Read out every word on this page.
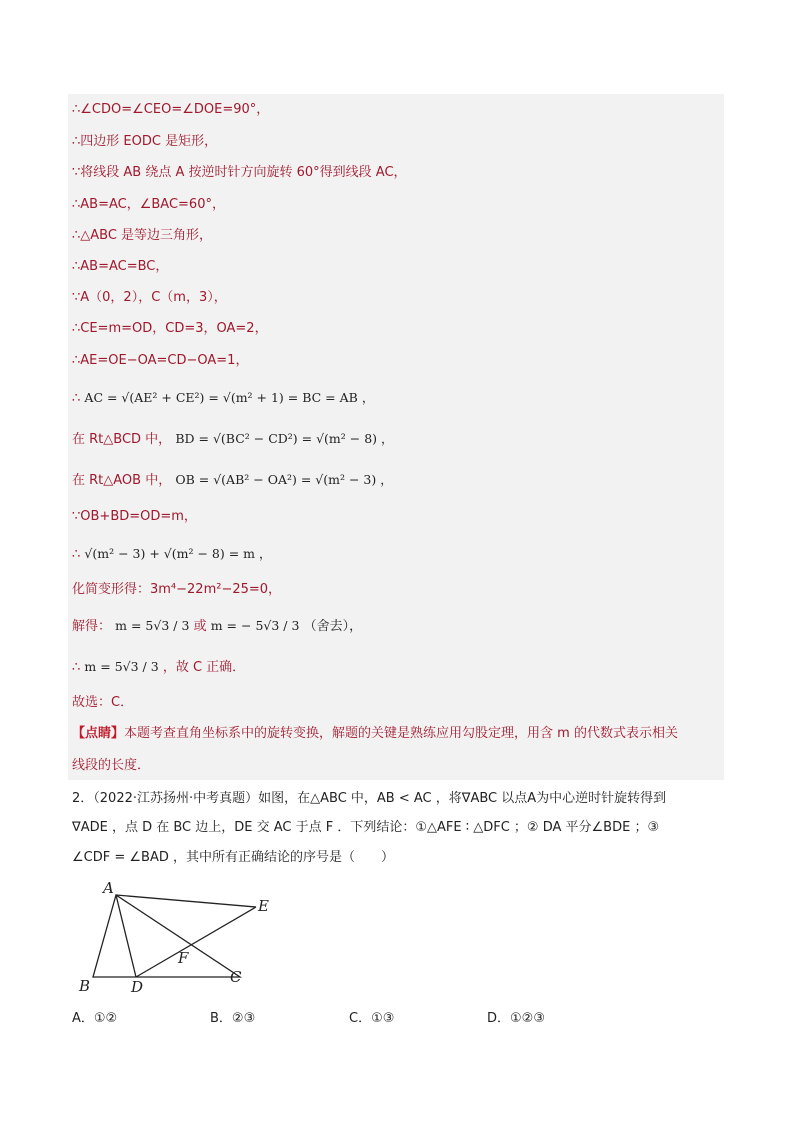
∴∠CDO=∠CEO=∠DOE=90°，
∴四边形 EODC 是矩形，
∵将线段 AB 绕点 A 按逆时针方向旋转 60°得到线段 AC，
∴AB=AC，∠BAC=60°，
∴△ABC 是等边三角形，
∴AB=AC=BC，
∵A（0，2），C（m，3），
∴CE=m=OD，CD=3，OA=2，
∴AE=OE−OA=CD−OA=1，
∴ AC = √(AE² + CE²) = √(m² + 1) = BC = AB ，
在 Rt△BCD 中， BD = √(BC² − CD²) = √(m² − 8) ，
在 Rt△AOB 中， OB = √(AB² − OA²) = √(m² − 3) ，
∵OB+BD=OD=m，
∴ √(m² − 3) + √(m² − 8) = m ，
化简变形得：3m⁴−22m²−25=0，
解得： m = 5√3 / 3 或 m = − 5√3 / 3 （舍去），
∴ m = 5√3 / 3 ，故 C 正确．
故选：C．
【点睛】本题考查直角坐标系中的旋转变换，解题的关键是熟练应用勾股定理，用含 m 的代数式表示相关
线段的长度．
2．（2022·江苏扬州·中考真题）如图，在△ABC 中，AB < AC ，将∇ABC 以点A为中心逆时针旋转得到
∇ADE ，点 D 在 BC 边上，DE 交 AC 于点 F ．下列结论：①△AFE ∶ △DFC ；② DA 平分∠BDE ；③
∠CDF = ∠BAD ，其中所有正确结论的序号是（　　）
A
B	C
D
E
F
A．①②	B．②③	C．①③	D．①②③
